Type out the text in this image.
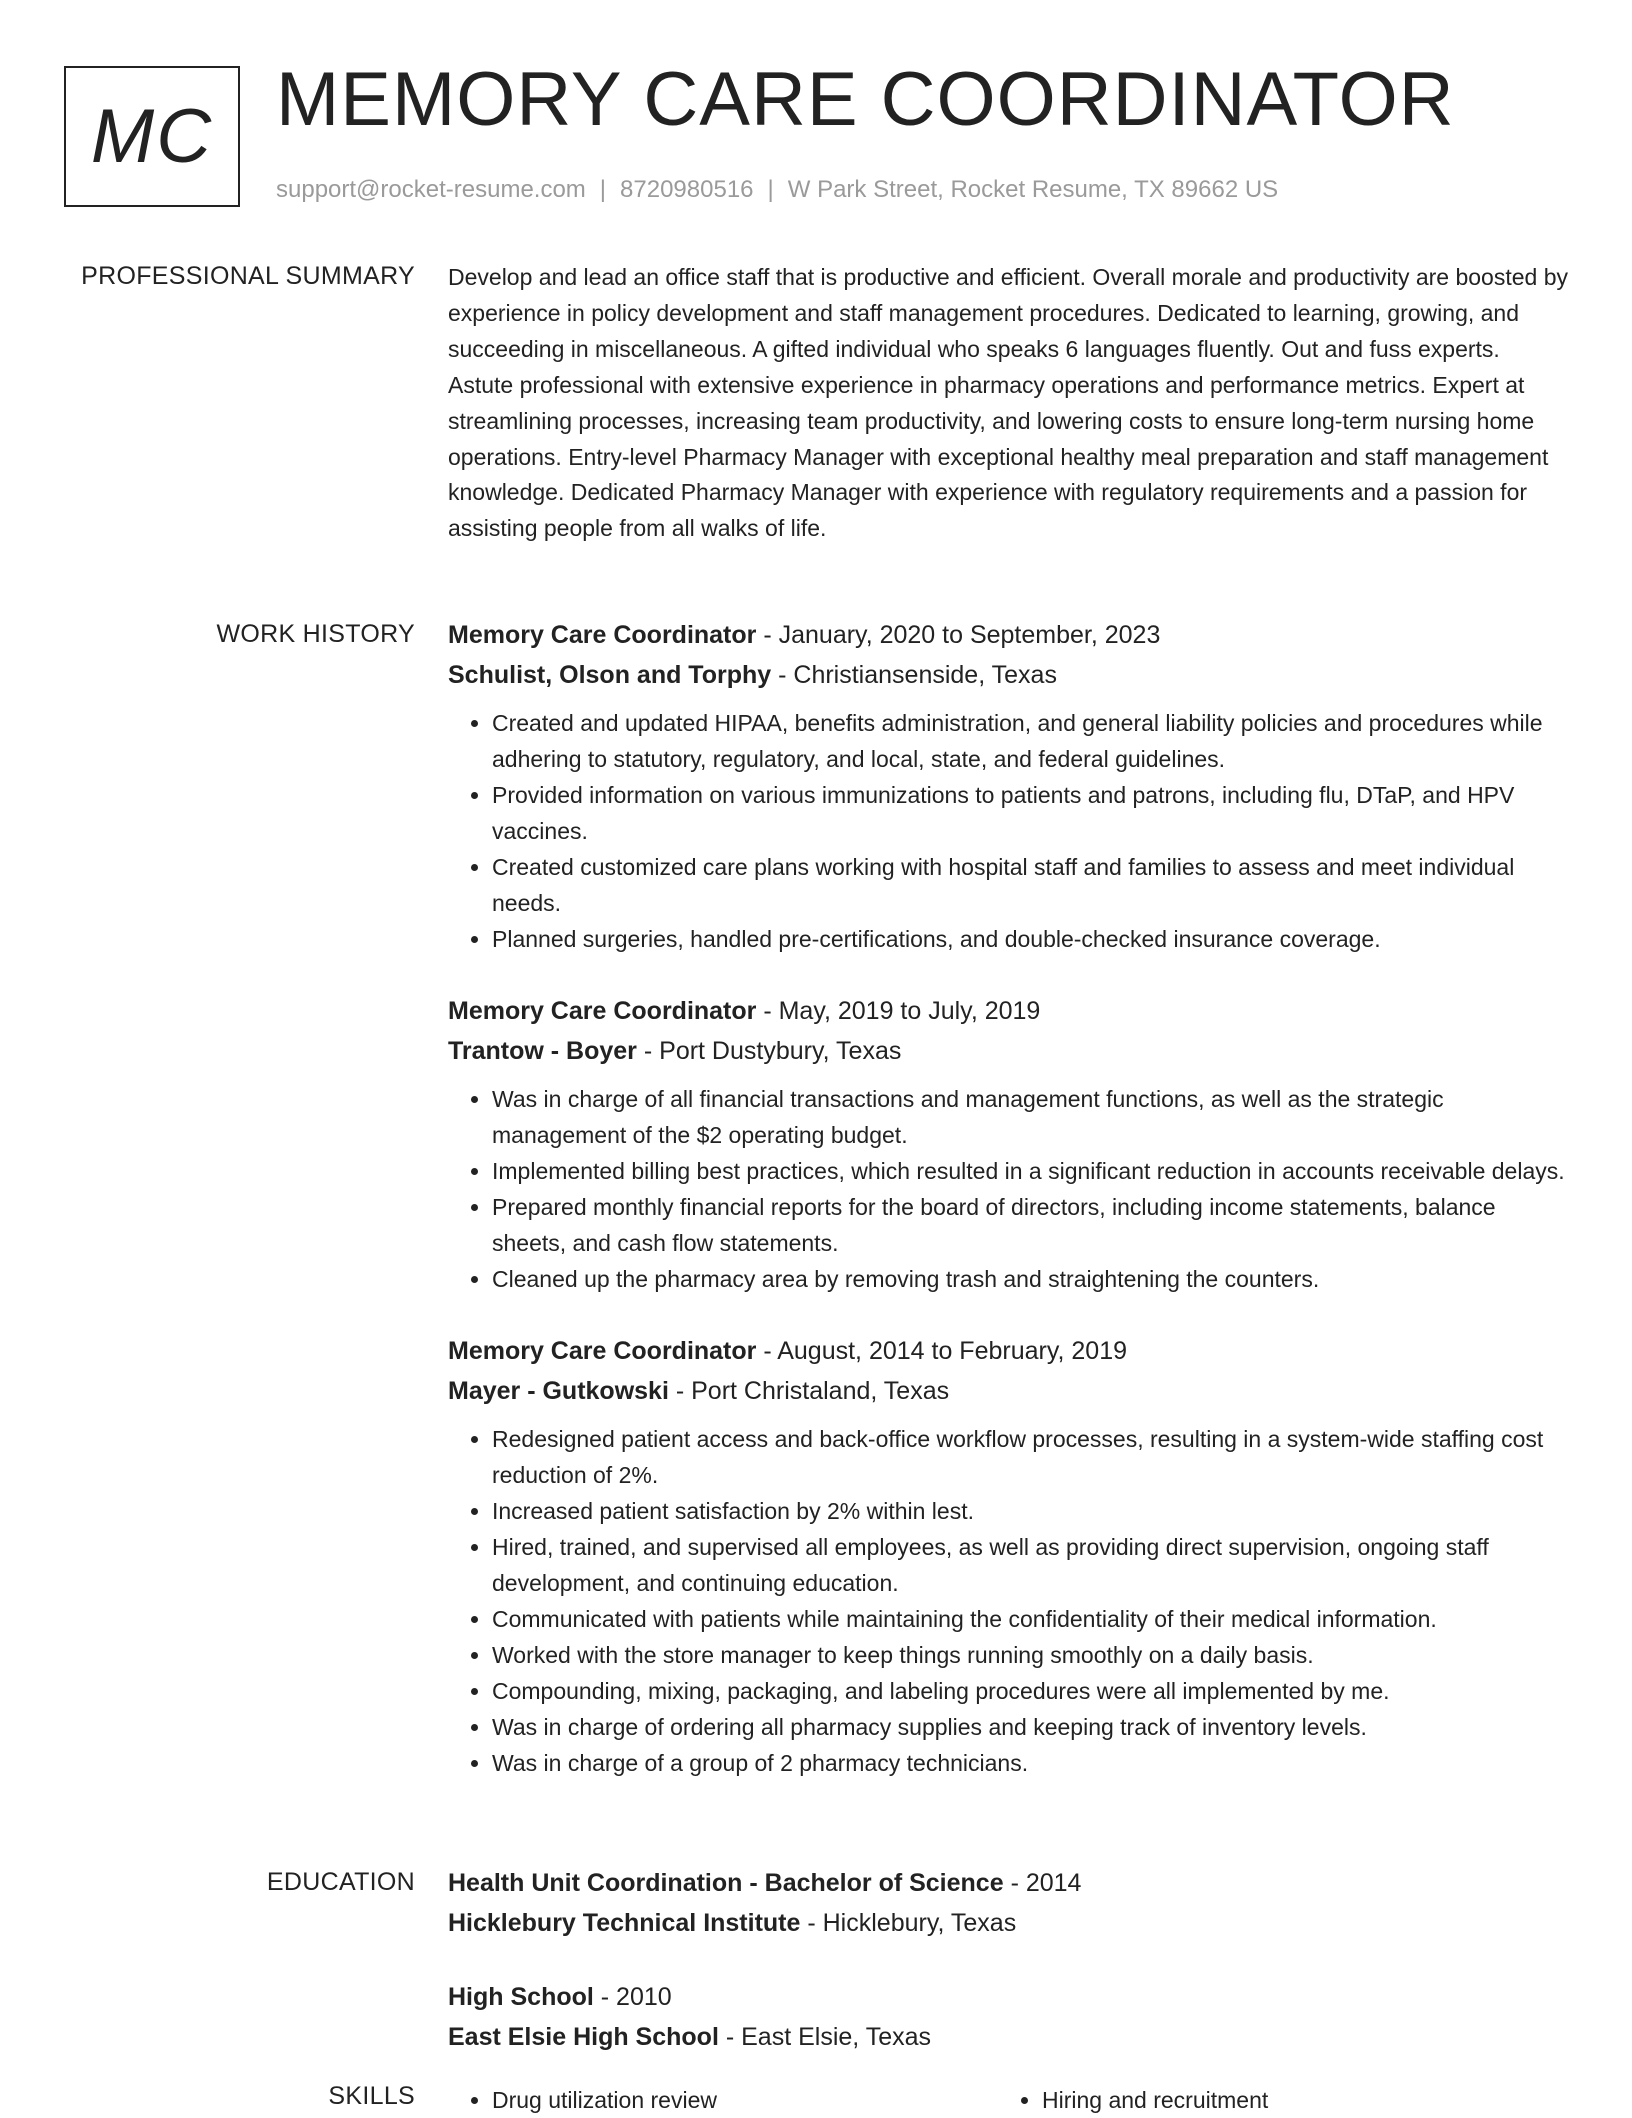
MC MEMORY CARE COORDINATOR
support@rocket-resume.com | 8720980516 | W Park Street, Rocket Resume, TX 89662 US
PROFESSIONAL SUMMARY Develop and lead an office staff that is productive and efficient. Overall morale and productivity are boosted by experience in policy development and staff management procedures. Dedicated to learning, growing, and succeeding in miscellaneous. A gifted individual who speaks 6 languages fluently. Out and fuss experts. Astute professional with extensive experience in pharmacy operations and performance metrics. Expert at streamlining processes, increasing team productivity, and lowering costs to ensure long-term nursing home operations. Entry-level Pharmacy Manager with exceptional healthy meal preparation and staff management knowledge. Dedicated Pharmacy Manager with experience with regulatory requirements and a passion for assisting people from all walks of life.

WORK HISTORY Memory Care Coordinator - January, 2020 to September, 2023
Schulist, Olson and Torphy - Christiansenside, Texas
• Created and updated HIPAA, benefits administration, and general liability policies and procedures while adhering to statutory, regulatory, and local, state, and federal guidelines.
• Provided information on various immunizations to patients and patrons, including flu, DTaP, and HPV vaccines.
• Created customized care plans working with hospital staff and families to assess and meet individual needs.
• Planned surgeries, handled pre-certifications, and double-checked insurance coverage.
Memory Care Coordinator - May, 2019 to July, 2019
Trantow - Boyer - Port Dustybury, Texas
• Was in charge of all financial transactions and management functions, as well as the strategic management of the $2 operating budget.
• Implemented billing best practices, which resulted in a significant reduction in accounts receivable delays.
• Prepared monthly financial reports for the board of directors, including income statements, balance sheets, and cash flow statements.
• Cleaned up the pharmacy area by removing trash and straightening the counters.
Memory Care Coordinator - August, 2014 to February, 2019
Mayer - Gutkowski - Port Christaland, Texas
• Redesigned patient access and back-office workflow processes, resulting in a system-wide staffing cost reduction of 2%.
• Increased patient satisfaction by 2% within lest.
• Hired, trained, and supervised all employees, as well as providing direct supervision, ongoing staff development, and continuing education.
• Communicated with patients while maintaining the confidentiality of their medical information.
• Worked with the store manager to keep things running smoothly on a daily basis.
• Compounding, mixing, packaging, and labeling procedures were all implemented by me.
• Was in charge of ordering all pharmacy supplies and keeping track of inventory levels.
• Was in charge of a group of 2 pharmacy technicians.
EDUCATION Health Unit Coordination - Bachelor of Science - 2014
Hicklebury Technical Institute - Hicklebury, Texas
High School - 2010
East Elsie High School - East Elsie, Texas
SKILLS	• Drug utilization review	• Hiring and recruitment
